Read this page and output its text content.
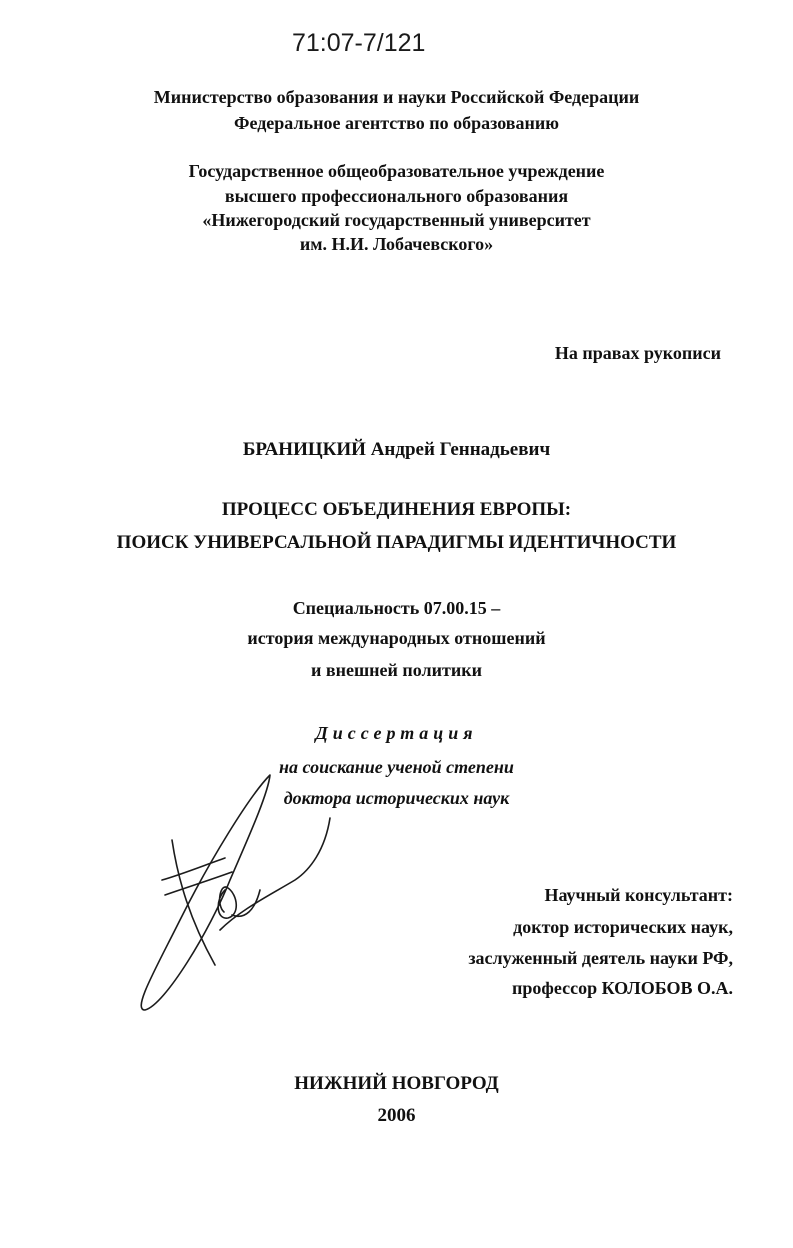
71:07-7/121
Министерство образования и науки Российской Федерации
Федеральное агентство по образованию
Государственное общеобразовательное учреждение
высшего профессионального образования
«Нижегородский государственный университет
им. Н.И. Лобачевского»
На правах рукописи
БРАНИЦКИЙ Андрей Геннадьевич
ПРОЦЕСС ОБЪЕДИНЕНИЯ ЕВРОПЫ:
ПОИСК УНИВЕРСАЛЬНОЙ ПАРАДИГМЫ ИДЕНТИЧНОСТИ
Специальность 07.00.15 –
история международных отношений
и внешней политики
Диссертация
на соискание ученой степени
доктора исторических наук
Научный консультант:
доктор исторических наук,
заслуженный деятель науки РФ,
профессор КОЛОБОВ О.А.
НИЖНИЙ НОВГОРОД
2006
